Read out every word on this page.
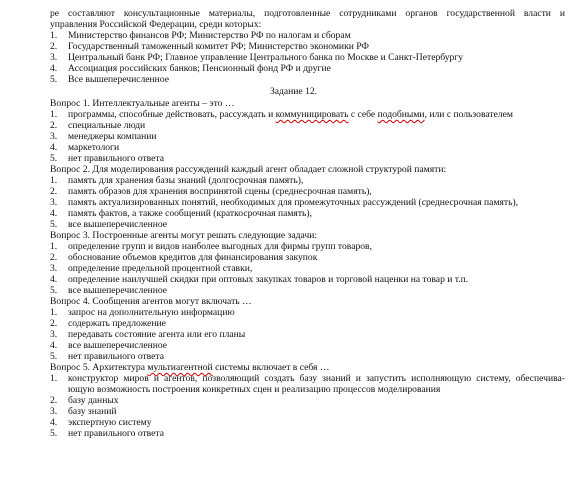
ре составляют консультационные материалы, подготовленные сотрудниками органов государственной власти и
управления Российской Федерации, среди которых:
1. Министерство финансов РФ; Министерство РФ по налогам и сборам
2. Государственный таможенный комитет РФ; Министерство экономики РФ
3. Центральный банк РФ; Главное управление Центрального банка по Москве и Санкт-Петербургу
4. Ассоциация российских банков; Пенсионный фонд РФ и другие
5. Все вышеперечисленное
Задание 12.
Вопрос 1. Интеллектуальные агенты – это …
1. программы, способные действовать, рассуждать и коммуницировать с себе подобными, или с пользователем
2. специальные люди
3. менеджеры компании
4. маркетологи
5. нет правильного ответа
Вопрос 2. Для моделирования рассуждений каждый агент обладает сложной структурой памяти:
1. память для хранения базы знаний (долгосрочная память),
2. память образов для хранения воспринятой сцены (среднесрочная память),
3. память актуализированных понятий, необходимых для промежуточных рассуждений (среднесрочная память),
4. память фактов, а также сообщений (краткосрочная память),
5. все вышеперечисленное
Вопрос 3. Построенные агенты могут решать следующие задачи:
1. определение групп и видов наиболее выгодных для фирмы групп товаров,
2. обоснование объемов кредитов для финансирования закупок
3. определение предельной процентной ставки,
4. определение наилучшей скидки при оптовых закупках товаров и торговой наценки на товар и т.п.
5. все вышеперечисленное
Вопрос 4. Сообщения агентов могут включать …
1. запрос на дополнительную информацию
2. содержать предложение
3. передавать состояние агента или его планы
4. все вышеперечисленное
5. нет правильного ответа
Вопрос 5. Архитектура мультиагентной системы включает в себя …
1. конструктор миров и агентов, позволяющий создать базу знаний и запустить исполняющую систему, обеспечива-
ющую возможность построения конкретных сцен и реализацию процессов моделирования
2. базу данных
3. базу знаний
4. экспертную систему
5. нет правильного ответа
